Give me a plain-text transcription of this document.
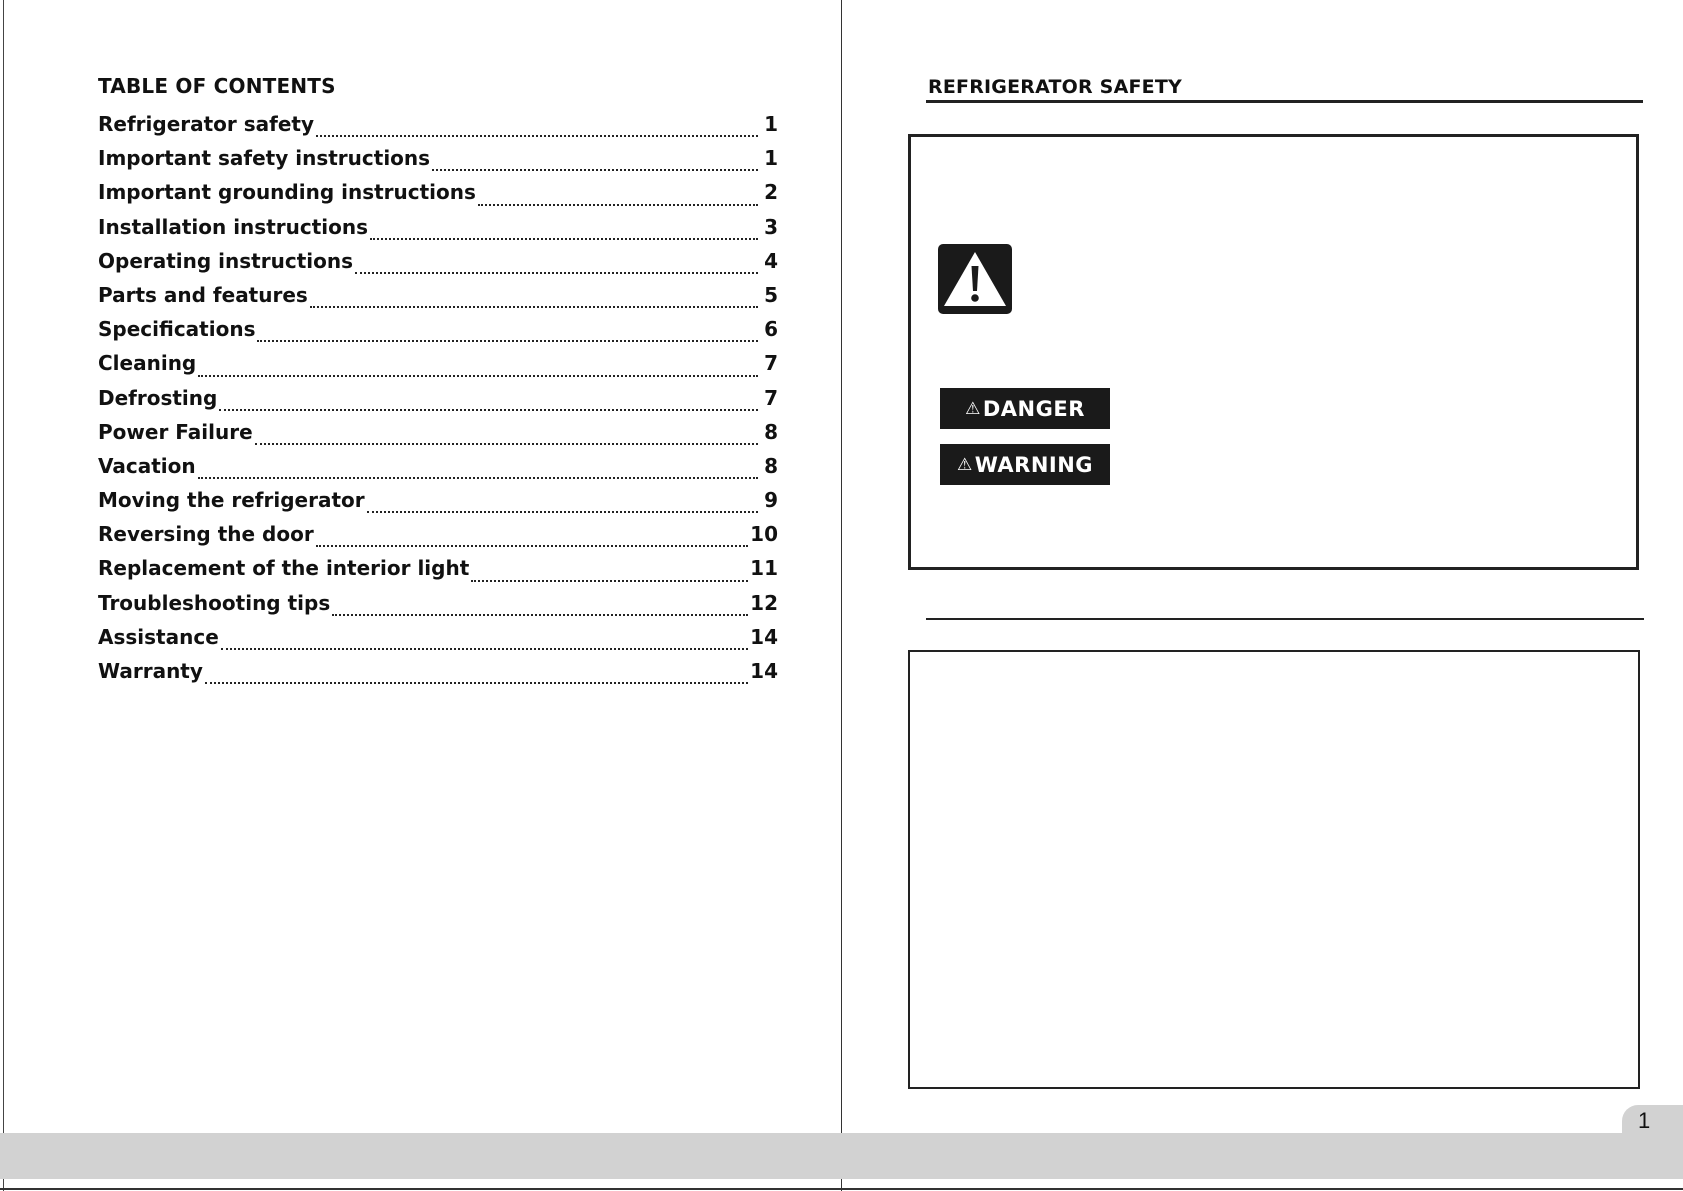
TABLE OF CONTENTS
Refrigerator safety	1
Important safety instructions	1
Important grounding instructions	2
Installation instructions	3
Operating instructions	4
Parts and features	5
Specifications	6
Cleaning	7
Defrosting	7
Power Failure	8
Vacation	8
Moving the refrigerator	9
Reversing the door	10
Replacement of the interior light	11
Troubleshooting tips	12
Assistance	14
Warranty	14
REFRIGERATOR SAFETY
⚠ DANGER
⚠ WARNING
1
